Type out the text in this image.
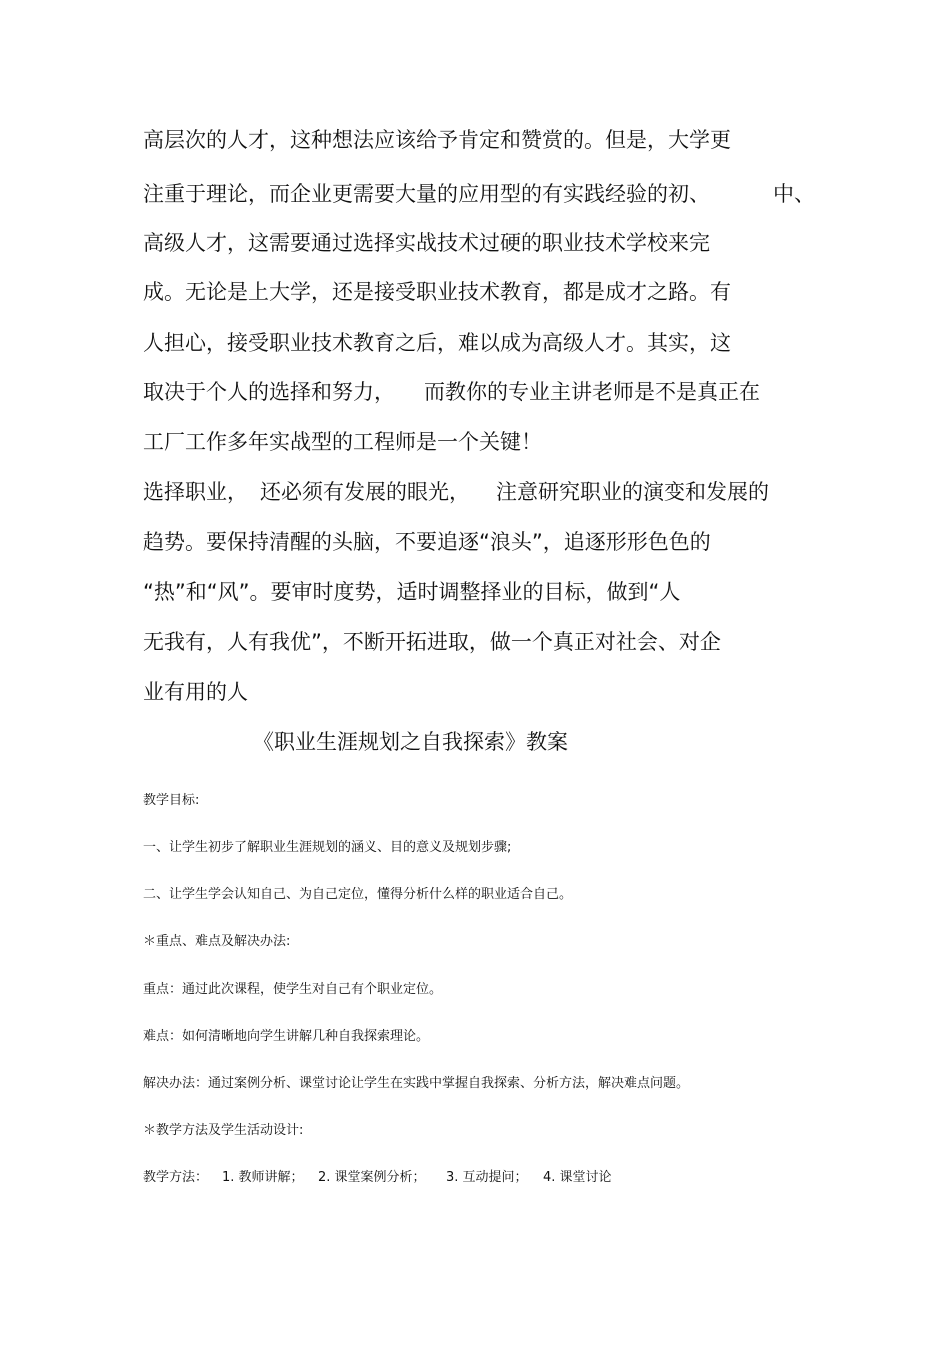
高层次的人才，这种想法应该给予肯定和赞赏的。但是，大学更

注重于理论，而企业更需要大量的应用型的有实践经验的初、	中、

高级人才，这需要通过选择实战技术过硬的职业技术学校来完

成。无论是上大学，还是接受职业技术教育，都是成才之路。有

人担心，接受职业技术教育之后，难以成为高级人才。其实，这

取决于个人的选择和努力， 而教你的专业主讲老师是不是真正在

工厂工作多年实战型的工程师是一个关键！

选择职业， 还必须有发展的眼光， 注意研究职业的演变和发展的

趋势。要保持清醒的头脑，不要追逐“浪头”，追逐形形色色的

“热”和“风”。要审时度势，适时调整择业的目标，做到“人

无我有，人有我优”，不断开拓进取，做一个真正对社会、对企

业有用的人

《职业生涯规划之自我探索》教案

教学目标:

一、让学生初步了解职业生涯规划的涵义、目的意义及规划步骤;

二、让学生学会认知自己、为自己定位，懂得分析什么样的职业适合自己。

＊重点、难点及解决办法:

重点：通过此次课程，使学生对自己有个职业定位。

难点：如何清晰地向学生讲解几种自我探索理论。

解决办法：通过案例分析、课堂讨论让学生在实践中掌握自我探索、分析方法，解决难点问题。

＊教学方法及学生活动设计:

教学方法： 1. 教师讲解； 2. 课堂案例分析； 3. 互动提问； 4. 课堂讨论
